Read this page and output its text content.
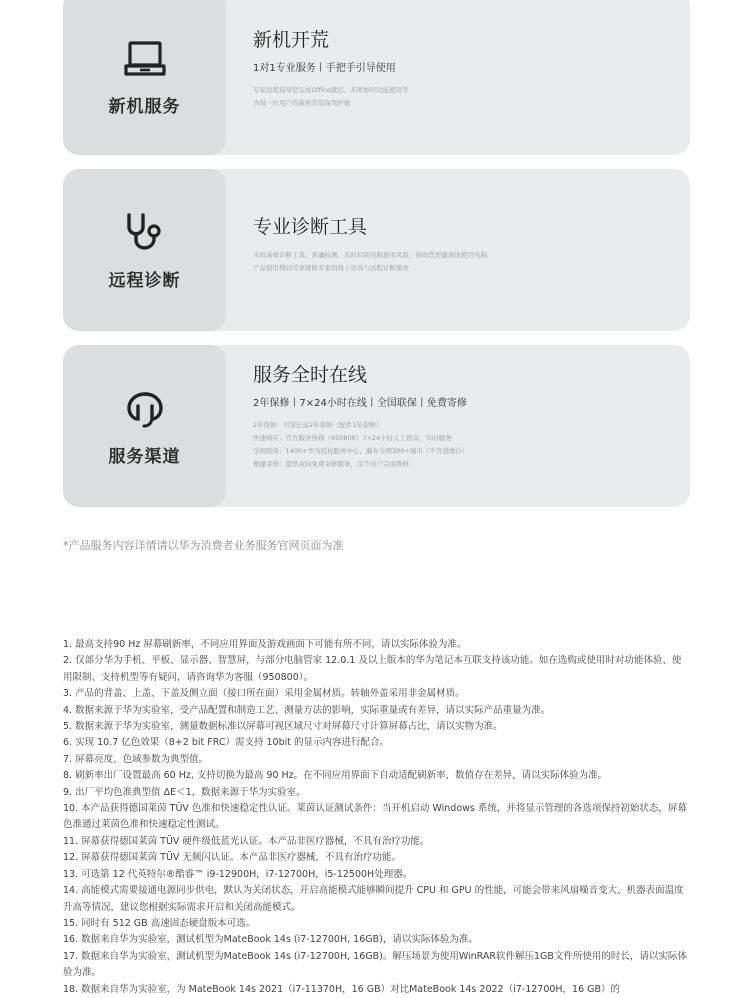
新机服务
新机开荒
1对1专业服务丨手把手引导使用
专家远程指导您完成Office激活、多屏协同功能使用等
为每一位用户的新机安装保驾护航
远程诊断
专业诊断工具
采用高效诊断工具、准确检测、及时识别电脑使用风险，协助您更健康地使用电脑
产品使用期间可享维修专家的线上咨询与远程诊断服务
服务渠道
服务全时在线
2年保修丨7×24小时在线丨全国联保丨免费寄修
2年保修：可享长达2年保修（配件1年保修）
快速响应：官方服务热线（950800）7×24小时人工语音、实时服务
全国联保：1400+华为授权服务中心，遍布全国300+城市（不含港澳台）
便捷寄修：提供双向免费寄修服务，足不出户完成维修
*产品服务内容详情请以华为消费者业务服务官网页面为准
1. 最高支持90 Hz 屏幕刷新率，不同应用界面及游戏画面下可能有所不同，请以实际体验为准。
2. 仅部分华为手机、平板、显示器、智慧屏，与部分电脑管家 12.0.1 及以上版本的华为笔记本互联支持该功能。如在选购或使用时对功能体验、使用限制、支持机型等有疑问，请咨询华为客服（950800）。
3. 产品的背盖、上盖、下盖及侧立面（接口所在面）采用金属材质。转轴外盖采用非金属材质。
4. 数据来源于华为实验室，受产品配置和制造工艺、测量方法的影响，实际重量或有差异，请以实际产品重量为准。
5. 数据来源于华为实验室，测量数据标准以屏幕可视区域尺寸对屏幕尺寸计算屏幕占比，请以实物为准。
6. 实现 10.7 亿色效果（8+2 bit FRC）需支持 10bit 的显示内容进行配合。
7. 屏幕亮度、色域参数为典型值。
8. 刷新率出厂设置最高 60 Hz, 支持切换为最高 90 Hz。在不同应用界面下自动适配刷新率，数值存在差异，请以实际体验为准。
9. 出厂平均色准典型值 ΔE＜1，数据来源于华为实验室。
10. 本产品获得德国莱茵 TÜV 色准和快速稳定性认证。莱茵认证测试条件：当开机启动 Windows 系统，并将显示管理的各选项保持初始状态，屏幕色准通过莱茵色准和快速稳定性测试。
11. 屏幕获得德国莱茵 TÜV 硬件级低蓝光认证。本产品非医疗器械，不具有治疗功能。
12. 屏幕获得德国莱茵 TÜV 无频闪认证。本产品非医疗器械，不具有治疗功能。
13. 可选第 12 代英特尔®酷睿™ i9-12900H，i7-12700H，i5-12500H处理器。
14. 高能模式需要接通电源同步供电，默认为关闭状态，开启高能模式能够瞬间提升 CPU 和 GPU 的性能，可能会带来风扇噪音变大、机器表面温度升高等情况，建议您根据实际需求开启和关闭高能模式。
15. 同时有 512 GB 高速固态硬盘版本可选。
16. 数据来自华为实验室，测试机型为MateBook 14s (i7-12700H, 16GB)，请以实际体验为准。
17. 数据来自华为实验室，测试机型为MateBook 14s (i7-12700H, 16GB)。解压场景为使用WinRAR软件解压1GB文件所使用的时长，请以实际体验为准。
18. 数据来自华为实验室，为 MateBook 14s 2021（i7-11370H，16 GB）对比MateBook 14s 2022（i7-12700H，16 GB）的
